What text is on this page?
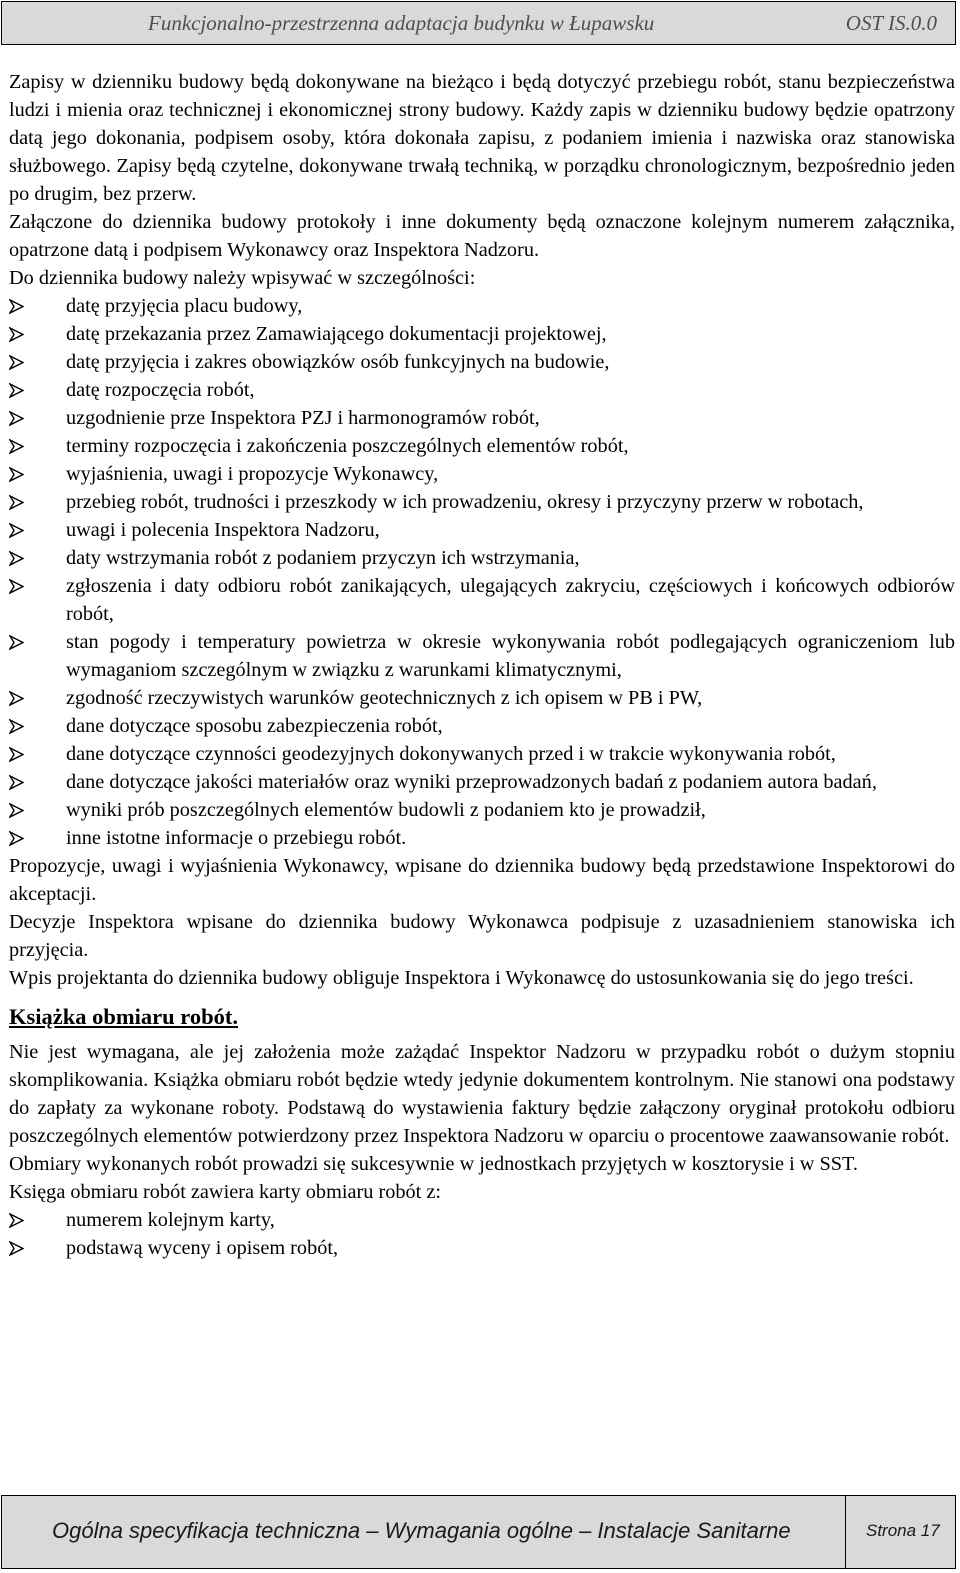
Funkcjonalno-przestrzenna adaptacja budynku w Łupawsku	OST IS.0.0

Zapisy w dzienniku budowy będą dokonywane na bieżąco i będą dotyczyć przebiegu robót, stanu bezpieczeństwa ludzi i mienia oraz technicznej i ekonomicznej strony budowy. Każdy zapis w dzienniku budowy będzie opatrzony datą jego dokonania, podpisem osoby, która dokonała zapisu, z podaniem imienia i nazwiska oraz stanowiska służbowego. Zapisy będą czytelne, dokonywane trwałą techniką, w porządku chronologicznym, bezpośrednio jeden po drugim, bez przerw.

Załączone do dziennika budowy protokoły i inne dokumenty będą oznaczone kolejnym numerem załącznika, opatrzone datą i podpisem Wykonawcy oraz Inspektora Nadzoru.

Do dziennika budowy należy wpisywać w szczególności:

datę przyjęcia placu budowy,
datę przekazania przez Zamawiającego dokumentacji projektowej,
datę przyjęcia i zakres obowiązków osób funkcyjnych na budowie,
datę rozpoczęcia robót,
uzgodnienie prze Inspektora PZJ i harmonogramów robót,
terminy rozpoczęcia i zakończenia poszczególnych elementów robót,
wyjaśnienia, uwagi i propozycje Wykonawcy,
przebieg robót, trudności i przeszkody w ich prowadzeniu, okresy i przyczyny przerw w robotach,
uwagi i polecenia Inspektora Nadzoru,
daty wstrzymania robót z podaniem przyczyn ich wstrzymania,
zgłoszenia i daty odbioru robót zanikających, ulegających zakryciu, częściowych i końcowych odbiorów robót,
stan pogody i temperatury powietrza w okresie wykonywania robót podlegających ograniczeniom lub wymaganiom szczególnym w związku z warunkami klimatycznymi,
zgodność rzeczywistych warunków geotechnicznych z ich opisem w PB i PW,
dane dotyczące sposobu zabezpieczenia robót,
dane dotyczące czynności geodezyjnych dokonywanych przed i w trakcie wykonywania robót,
dane dotyczące jakości materiałów oraz wyniki przeprowadzonych badań z podaniem autora badań,
wyniki prób poszczególnych elementów budowli z podaniem kto je prowadził,
inne istotne informacje o przebiegu robót.

Propozycje, uwagi i wyjaśnienia Wykonawcy, wpisane do dziennika budowy będą przedstawione Inspektorowi do akceptacji.

Decyzje Inspektora wpisane do dziennika budowy Wykonawca podpisuje z uzasadnieniem stanowiska ich przyjęcia.

Wpis projektanta do dziennika budowy obliguje Inspektora i Wykonawcę do ustosunkowania się do jego treści.

Książka obmiaru robót.

Nie jest wymagana, ale jej założenia może zażądać Inspektor Nadzoru w przypadku robót o dużym stopniu skomplikowania. Książka obmiaru robót będzie wtedy jedynie dokumentem kontrolnym. Nie stanowi ona podstawy do zapłaty za wykonane roboty. Podstawą do wystawienia faktury będzie załączony oryginał protokołu odbioru poszczególnych elementów potwierdzony przez Inspektora Nadzoru w oparciu o procentowe zaawansowanie robót.

Obmiary wykonanych robót prowadzi się sukcesywnie w jednostkach przyjętych w kosztorysie i w SST.

Księga obmiaru robót zawiera karty obmiaru robót z:

numerem kolejnym karty,
podstawą wyceny i opisem robót,
Ogólna specyfikacja techniczna – Wymagania ogólne – Instalacje Sanitarne	Strona 17
